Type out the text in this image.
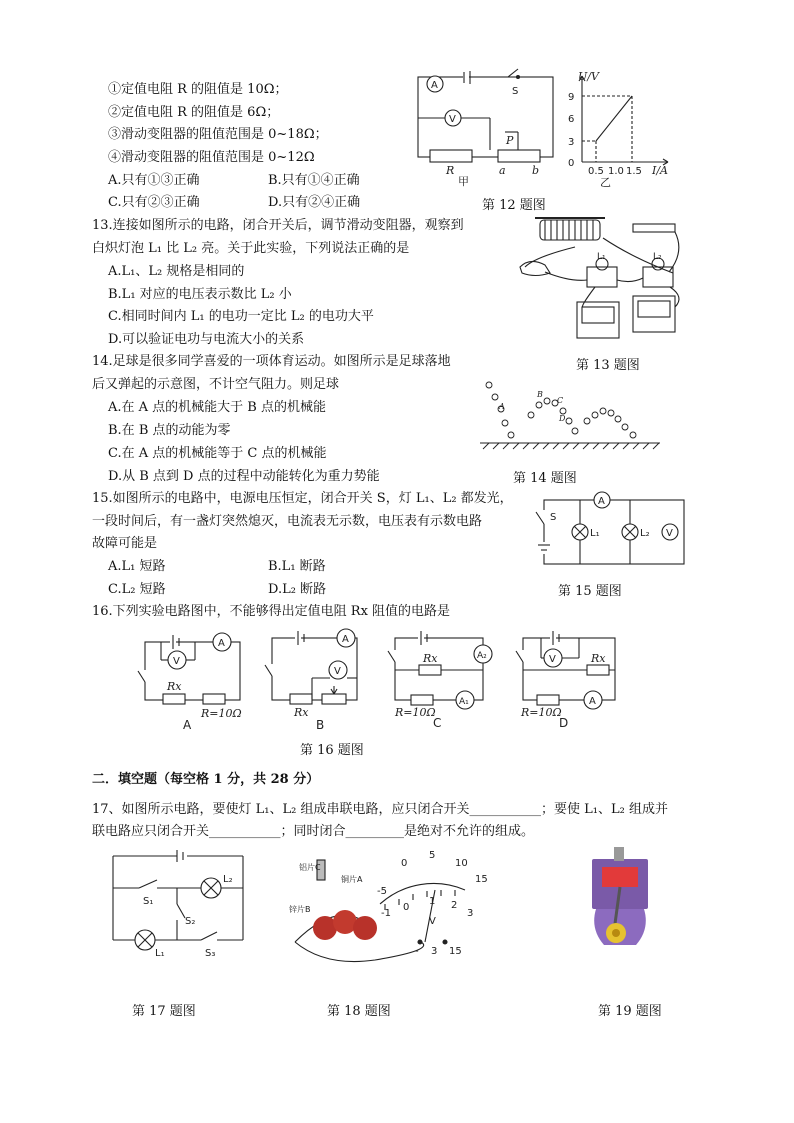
①定值电阻 R 的阻值是 10Ω；
②定值电阻 R 的阻值是 6Ω；
③滑动变阻器的阻值范围是 0~18Ω；
④滑动变阻器的阻值范围是 0~12Ω
A.只有①③正确	B.只有①④正确
C.只有②③正确	D.只有②④正确
A
V
S
R
P
a b
甲
U/V
I/A
9
6
3
0
0.5 1.0 1.5
乙
第 12 题图
13.连接如图所示的电路，闭合开关后，调节滑动变阻器，观察到
白炽灯泡 L₁ 比 L₂ 亮。关于此实验，下列说法正确的是
A.L₁、L₂ 规格是相同的
B.L₁ 对应的电压表示数比 L₂ 小
C.相同时间内 L₁ 的电功一定比 L₂ 的电功大平
D.可以验证电功与电流大小的关系
L₁	L₂
第 13 题图
14.足球是很多同学喜爱的一项体育运动。如图所示是足球落地
后又弹起的示意图，不计空气阻力。则足球
A.在 A 点的机械能大于 B 点的机械能
B.在 B 点的动能为零
C.在 A 点的机械能等于 C 点的机械能
D.从 B 点到 D 点的过程中动能转化为重力势能
A
B
C
D
第 14 题图
15.如图所示的电路中，电源电压恒定，闭合开关 S，灯 L₁、L₂ 都发光，
一段时间后，有一盏灯突然熄灭，电流表无示数，电压表有示数电路
故障可能是
A.L₁ 短路	B.L₁ 断路
C.L₂ 短路	D.L₂ 断路
A
V
L₁	L₂
S
第 15 题图
16.下列实验电路图中，不能够得出定值电阻 Rx 阻值的电路是
A
V
Rx
R=10Ω
A
A
V
Rx
B
A₂
A₁
Rx
R=10Ω
C
V
A
Rx
R=10Ω
D
第 16 题图
二．填空题（每空格 1 分，共 28 分）
17、如图所示电路，要使灯 L₁、L₂ 组成串联电路，应只闭合开关___________；要使 L₁、L₂ 组成并
联电路应只闭合开关___________；同时闭合_________是绝对不允许的组成。
S₁
S₂
S₃
L₂
L₁
第 17 题图
铝片C
铜片A
锌片B
0
5
10
15
-5
-1
0
1 2
3
V
- 3 15
第 18 题图	第 19 题图
